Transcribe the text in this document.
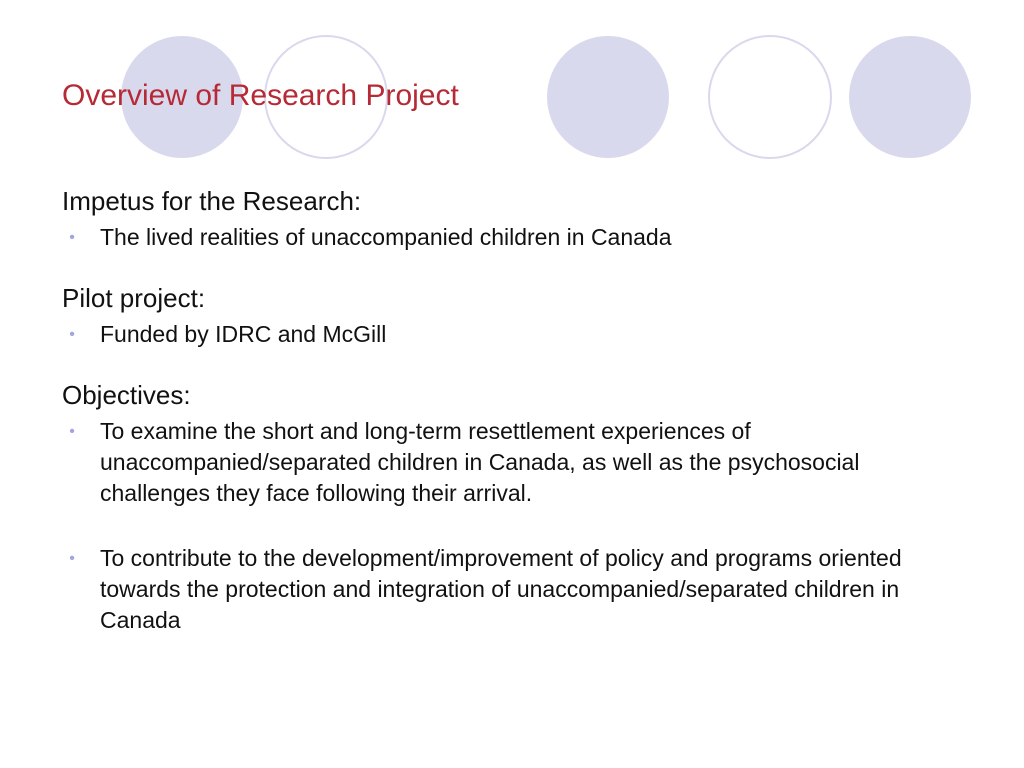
Overview of Research Project

Impetus for the Research:

•	The lived realities of unaccompanied children in Canada

Pilot project:

•	Funded by IDRC and McGill

Objectives:

•	To examine the short and long-term resettlement experiences of unaccompanied/separated children in Canada, as well as the psychosocial challenges they face following their arrival.
•	To contribute to the development/improvement of policy and programs oriented towards the protection and integration of unaccompanied/separated children in Canada
